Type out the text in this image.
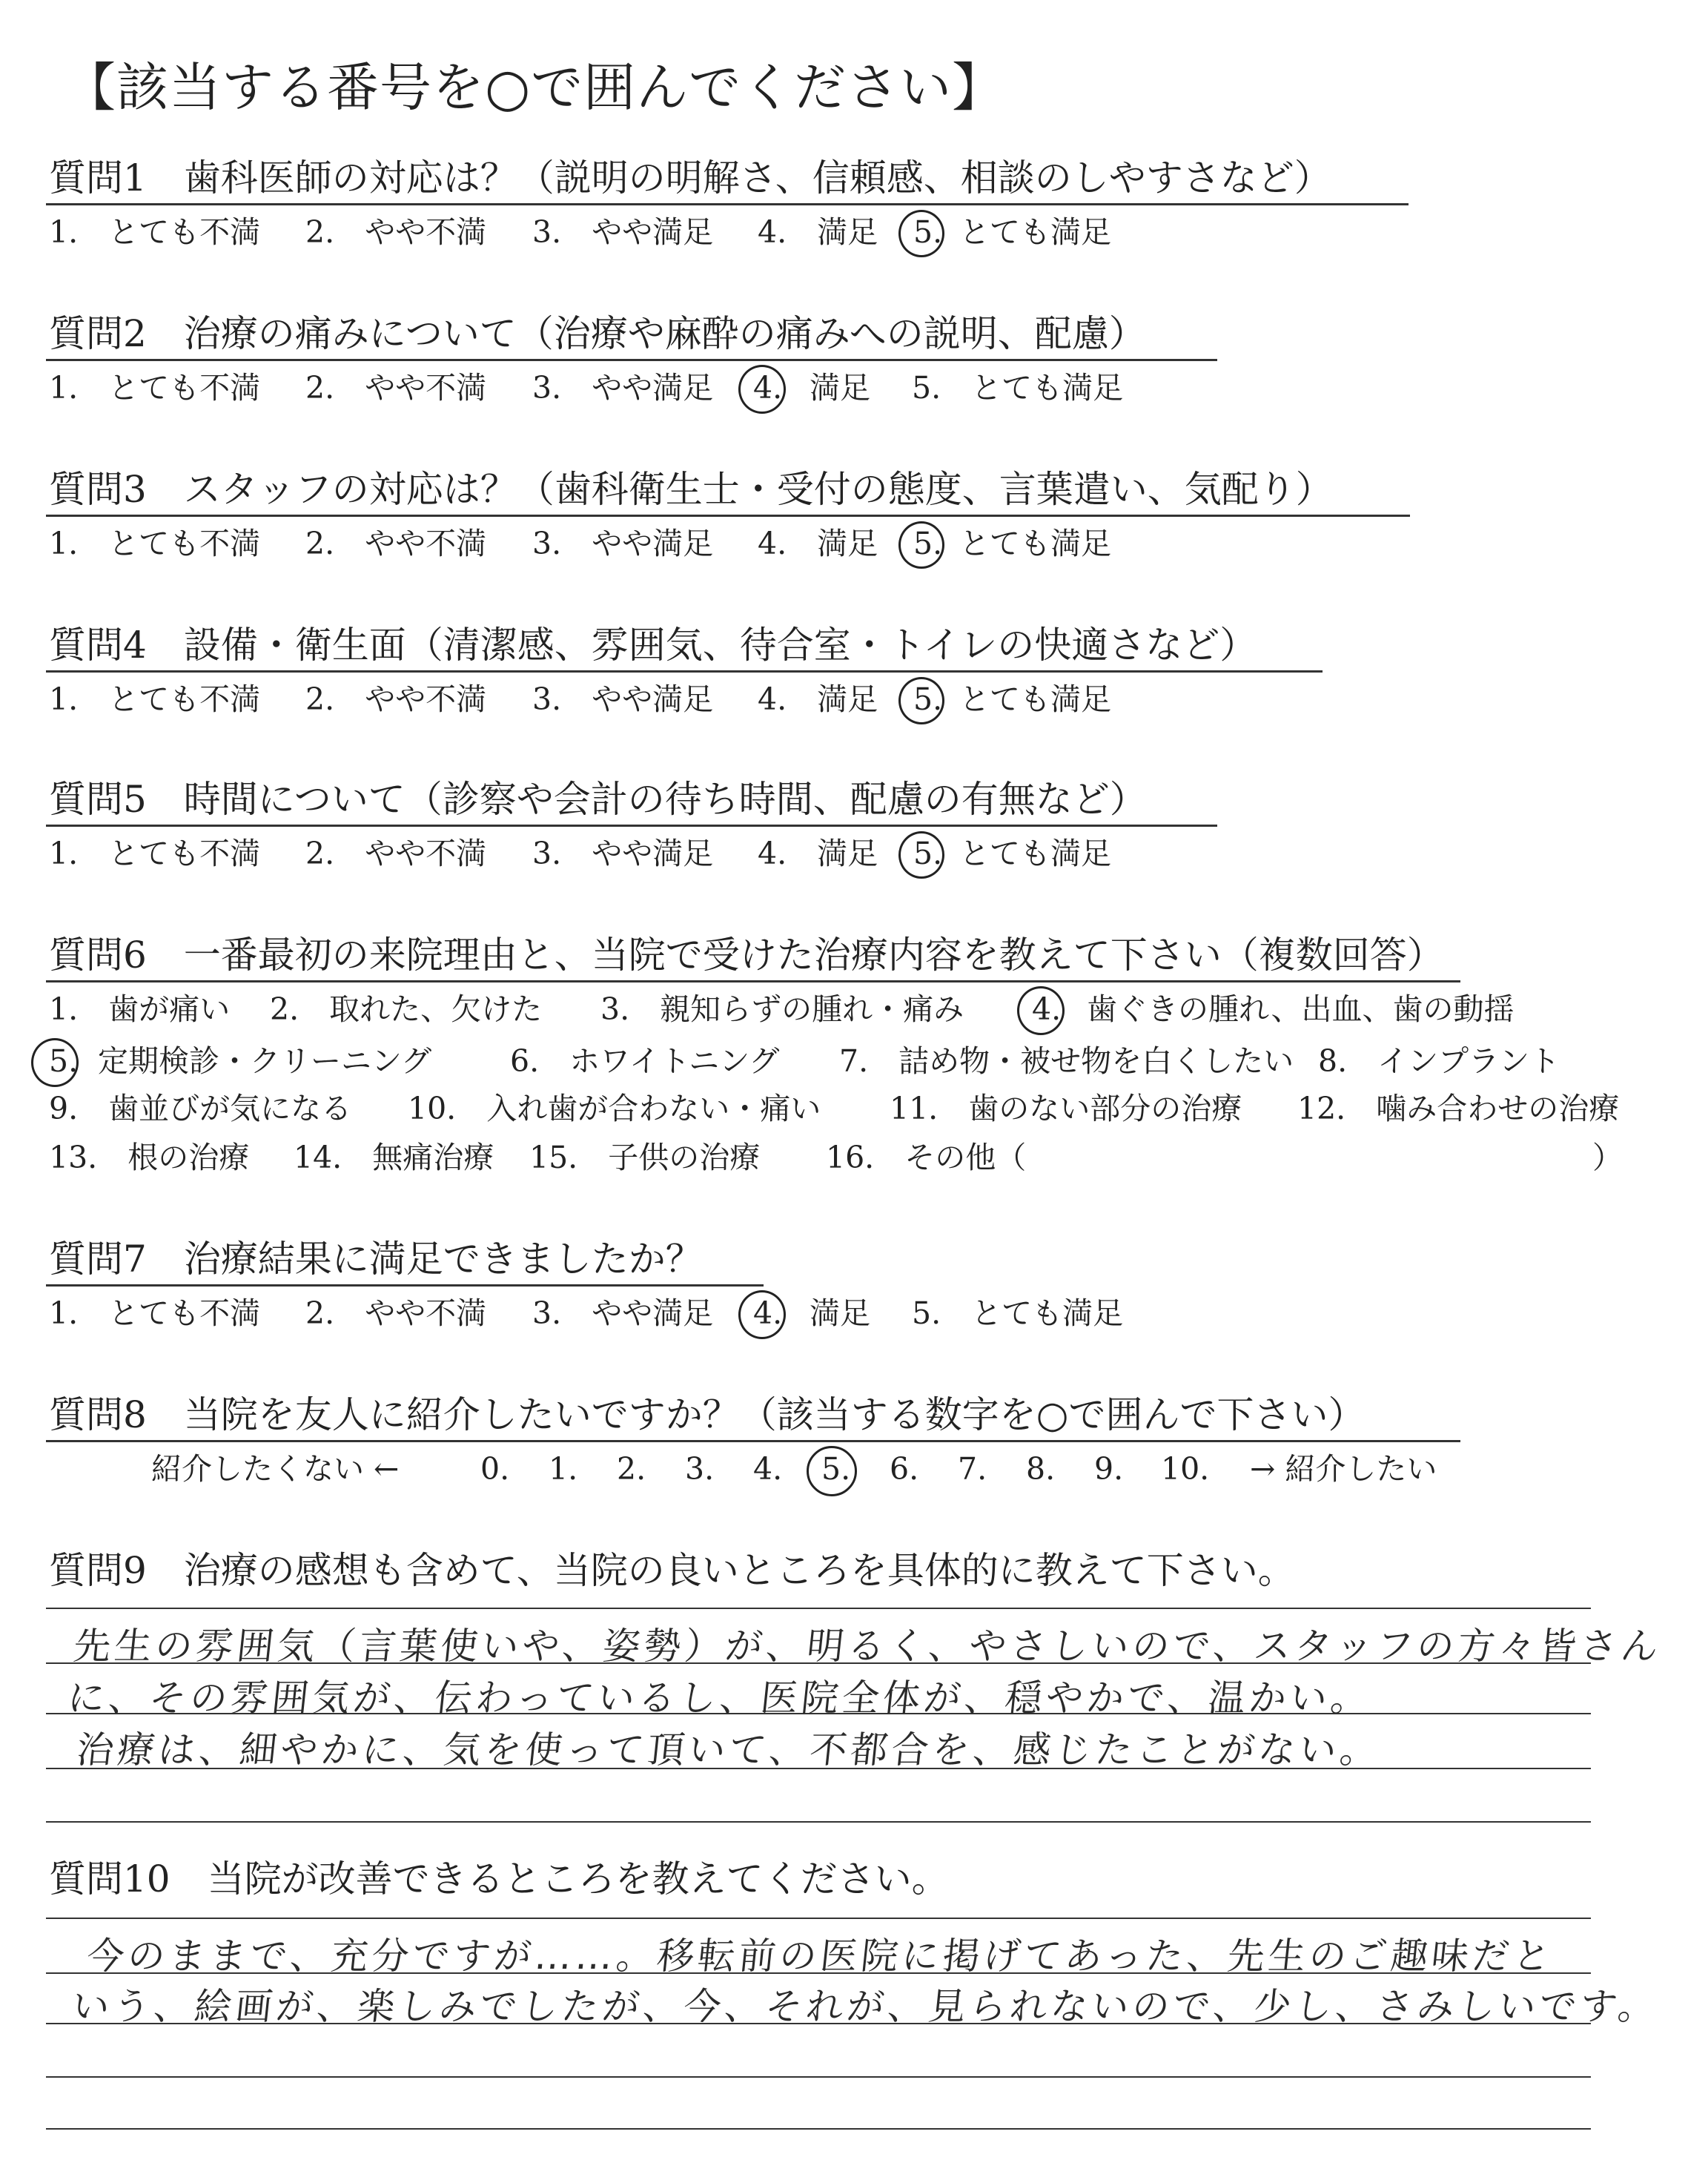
【該当する番号を○で囲んでください】
質問1　歯科医師の対応は？（説明の明解さ、信頼感、相談のしやすさなど）
1.　とても不満 2.　やや不満 3.　やや満足 4.　満足 5. とても満足
質問2　治療の痛みについて（治療や麻酔の痛みへの説明、配慮）
1.　とても不満 2.　やや不満 3.　やや満足 4. 満足 5.　とても満足
質問3　スタッフの対応は？（歯科衛生士・受付の態度、言葉遣い、気配り）
1.　とても不満 2.　やや不満 3.　やや満足 4.　満足 5. とても満足
質問4　設備・衛生面（清潔感、雰囲気、待合室・トイレの快適さなど）
1.　とても不満 2.　やや不満 3.　やや満足 4.　満足 5. とても満足
質問5　時間について（診察や会計の待ち時間、配慮の有無など）
1.　とても不満 2.　やや不満 3.　やや満足 4.　満足 5. とても満足
質問6　一番最初の来院理由と、当院で受けた治療内容を教えて下さい（複数回答）
1.　歯が痛い 2.　取れた、欠けた 3.　親知らずの腫れ・痛み 4. 歯ぐきの腫れ、出血、歯の動揺
5. 定期検診・クリーニング	6.　ホワイトニング 7.　詰め物・被せ物を白くしたい 8.　インプラント
9.　歯並びが気になる 10.　入れ歯が合わない・痛い 11.　歯のない部分の治療 12.　噛み合わせの治療
13.　根の治療 14.　無痛治療 15.　子供の治療 16.　その他（	）
質問7　治療結果に満足できましたか？
1.　とても不満 2.　やや不満 3.　やや満足 4. 満足 5.　とても満足
質問8　当院を友人に紹介したいですか？（該当する数字を○で囲んで下さい）
紹介したくない ←	0. 1. 2. 3. 4. 5. 6. 7. 8. 9. 10. → 紹介したい
質問9　治療の感想も含めて、当院の良いところを具体的に教えて下さい。
先生の雰囲気（言葉使いや、姿勢）が、明るく、やさしいので、スタッフの方々皆さん
に、その雰囲気が、伝わっているし、医院全体が、穏やかで、温かい。
治療は、細やかに、気を使って頂いて、不都合を、感じたことがない。
質問10　当院が改善できるところを教えてください。
今のままで、充分ですが……。移転前の医院に掲げてあった、先生のご趣味だと
いう、絵画が、楽しみでしたが、今、それが、見られないので、少し、さみしいです。
